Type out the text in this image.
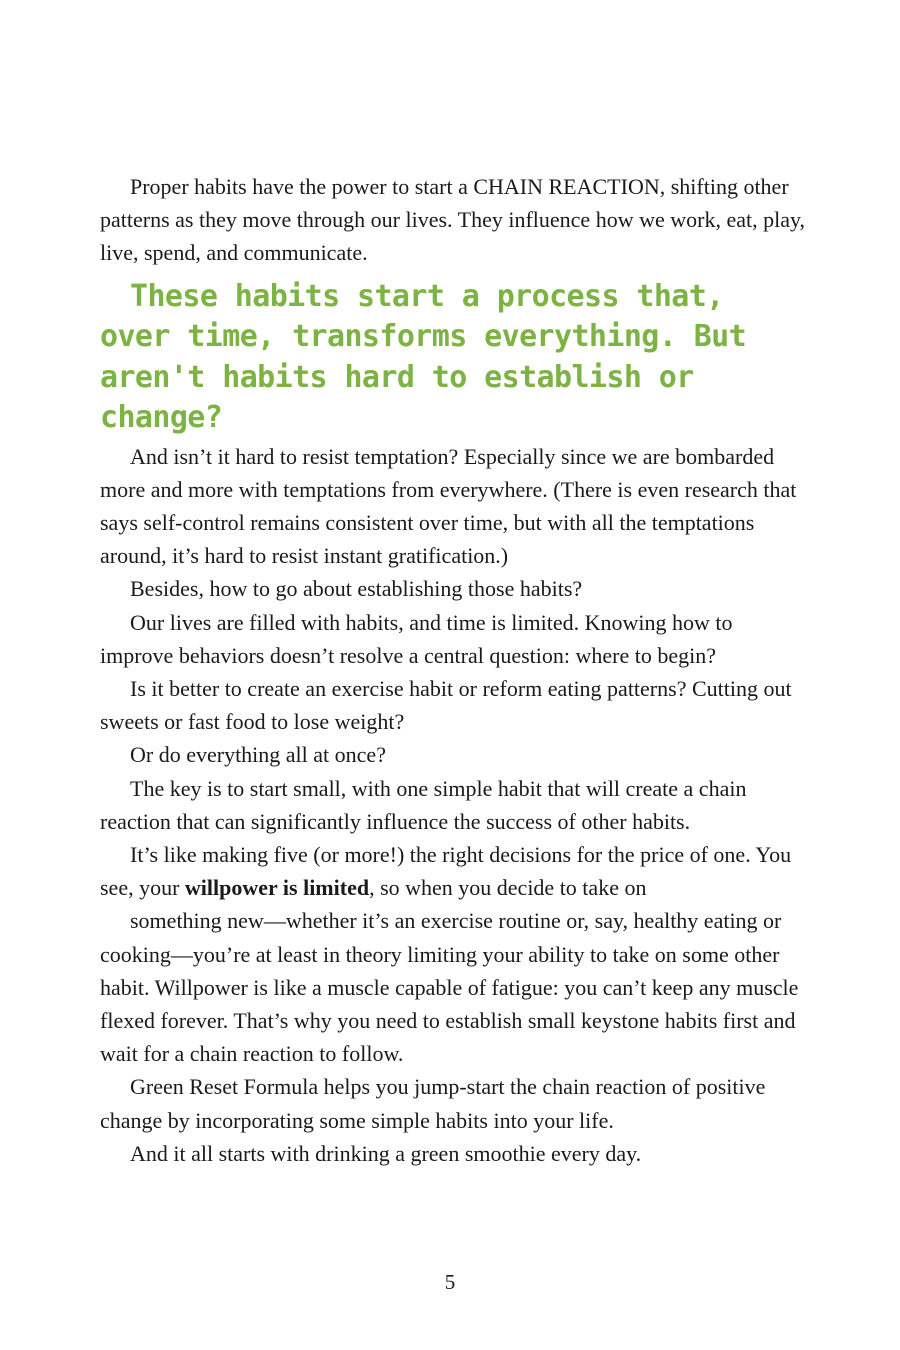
Proper habits have the power to start a CHAIN REACTION, shifting other patterns as they move through our lives. They influence how we work, eat, play, live, spend, and communicate.

These habits start a process that, over time, transforms everything. But aren't habits hard to establish or change?

And isn’t it hard to resist temptation? Especially since we are bombarded more and more with temptations from everywhere. (There is even research that says self-control remains consistent over time, but with all the temptations around, it’s hard to resist instant gratification.)

Besides, how to go about establishing those habits?

Our lives are filled with habits, and time is limited. Knowing how to improve behaviors doesn’t resolve a central question: where to begin?

Is it better to create an exercise habit or reform eating patterns? Cutting out sweets or fast food to lose weight?

Or do everything all at once?

The key is to start small, with one simple habit that will create a chain reaction that can significantly influence the success of other habits.

It’s like making five (or more!) the right decisions for the price of one. You see, your willpower is limited, so when you decide to take on

something new—whether it’s an exercise routine or, say, healthy eating or cooking—you’re at least in theory limiting your ability to take on some other habit. Willpower is like a muscle capable of fatigue: you can’t keep any muscle flexed forever. That’s why you need to establish small keystone habits first and wait for a chain reaction to follow.

Green Reset Formula helps you jump-start the chain reaction of positive change by incorporating some simple habits into your life.

And it all starts with drinking a green smoothie every day.

5
